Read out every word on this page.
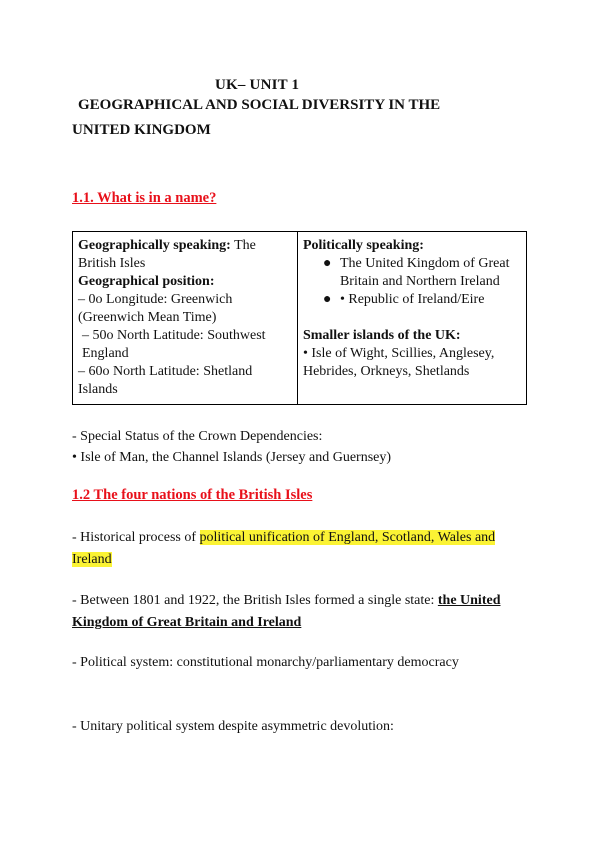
UK– UNIT 1
GEOGRAPHICAL AND SOCIAL DIVERSITY IN THE
UNITED KINGDOM
1.1. What is in a name?
Geographically speaking: The British Isles
Geographical position:
– 0o Longitude: Greenwich (Greenwich Mean Time)
– 50o North Latitude: Southwest England
– 60o North Latitude: Shetland Islands

Politically speaking:
● The United Kingdom of Great Britain and Northern Ireland
● • Republic of Ireland/Eire
Smaller islands of the UK:
• Isle of Wight, Scillies, Anglesey, Hebrides, Orkneys, Shetlands
- Special Status of the Crown Dependencies:
• Isle of Man, the Channel Islands (Jersey and Guernsey)
1.2 The four nations of the British Isles
- Historical process of political unification of England, Scotland, Wales and Ireland
- Between 1801 and 1922, the British Isles formed a single state: the United Kingdom of Great Britain and Ireland
- Political system: constitutional monarchy/parliamentary democracy
- Unitary political system despite asymmetric devolution:
